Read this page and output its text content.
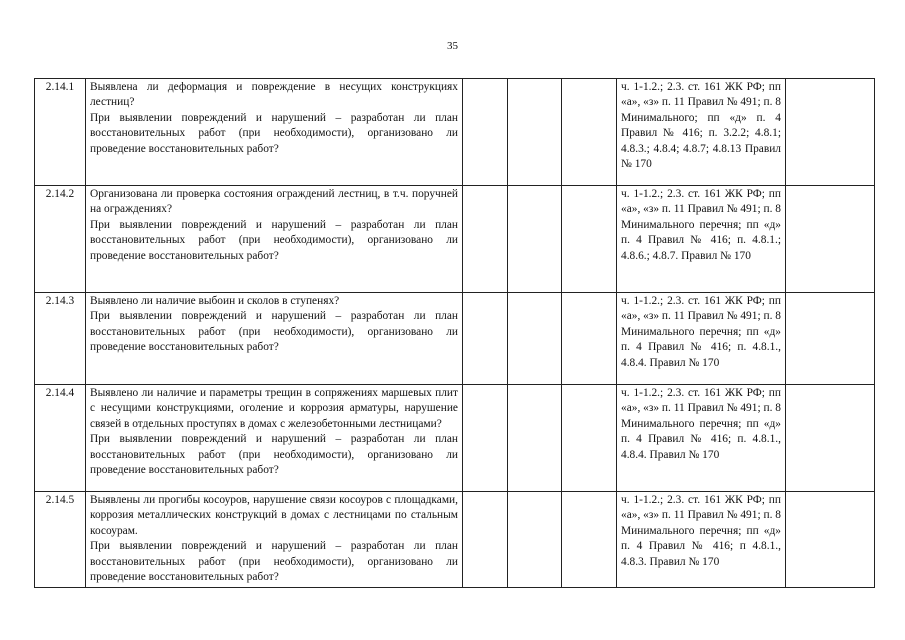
35
2.14.1	Выявлена ли деформация и повреждение в несущих конструкциях лестниц?
При выявлении повреждений и нарушений – разработан ли план восстановительных работ (при необходимости), организовано ли проведение восстановительных работ?				ч. 1-1.2.; 2.3. ст. 161 ЖК РФ; пп «а», «з» п. 11 Правил № 491; п. 8 Минимального; пп «д» п. 4 Правил № 416; п. 3.2.2; 4.8.1; 4.8.3.; 4.8.4; 4.8.7; 4.8.13 Правил № 170	
2.14.2	Организована ли проверка состояния ограждений лестниц, в т.ч. поручней на ограждениях?
При выявлении повреждений и нарушений – разработан ли план восстановительных работ (при необходимости), организовано ли проведение восстановительных работ?				ч. 1-1.2.; 2.3. ст. 161 ЖК РФ; пп «а», «з» п. 11 Правил № 491; п. 8 Минимального перечня; пп «д» п. 4 Правил № 416; п. 4.8.1.; 4.8.6.; 4.8.7. Правил № 170	
2.14.3	Выявлено ли наличие выбоин и сколов в ступенях?
При выявлении повреждений и нарушений – разработан ли план восстановительных работ (при необходимости), организовано ли проведение восстановительных работ?				ч. 1-1.2.; 2.3. ст. 161 ЖК РФ; пп «а», «з» п. 11 Правил № 491; п. 8 Минимального перечня; пп «д» п. 4 Правил № 416; п. 4.8.1., 4.8.4. Правил № 170	
2.14.4	Выявлено ли наличие и параметры трещин в сопряжениях маршевых плит с несущими конструкциями, оголение и коррозия арматуры, нарушение связей в отдельных проступях в домах с железобетонными лестницами?
При выявлении повреждений и нарушений – разработан ли план восстановительных работ (при необходимости), организовано ли проведение восстановительных работ?				ч. 1-1.2.; 2.3. ст. 161 ЖК РФ; пп «а», «з» п. 11 Правил № 491; п. 8 Минимального перечня; пп «д» п. 4 Правил № 416; п. 4.8.1., 4.8.4. Правил № 170	
2.14.5	Выявлены ли прогибы косоуров, нарушение связи косоуров с площадками, коррозия металлических конструкций в домах с лестницами по стальным косоурам.
При выявлении повреждений и нарушений – разработан ли план восстановительных работ (при необходимости), организовано ли проведение восстановительных работ?				ч. 1-1.2.; 2.3. ст. 161 ЖК РФ; пп «а», «з» п. 11 Правил № 491; п. 8 Минимального перечня; пп «д» п. 4 Правил № 416; п 4.8.1., 4.8.3. Правил № 170	
